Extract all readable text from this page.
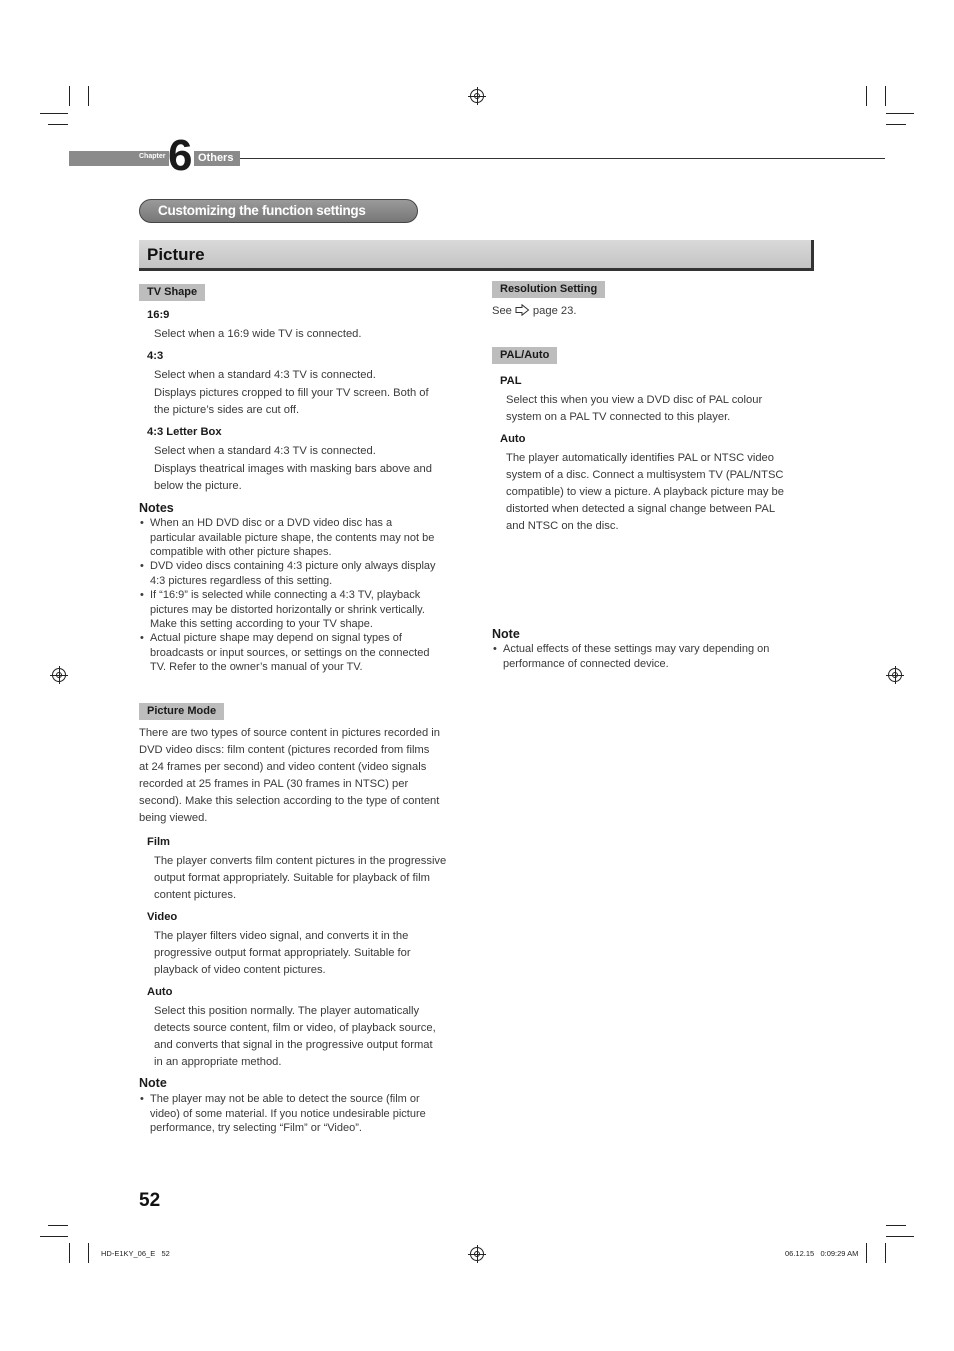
Chapter 6 Others
Customizing the function settings (Continued)
Picture
TV Shape
16:9
Select when a 16:9 wide TV is connected.
4:3
Select when a standard 4:3 TV is connected.
Displays pictures cropped to fill your TV screen. Both of
the picture’s sides are cut off.
4:3 Letter Box
Select when a standard 4:3 TV is connected.
Displays theatrical images with masking bars above and
below the picture.
Notes
• When an HD DVD disc or a DVD video disc has a
particular available picture shape, the contents may not be
compatible with other picture shapes.
• DVD video discs containing 4:3 picture only always display
4:3 pictures regardless of this setting.
• If “16:9” is selected while connecting a 4:3 TV, playback
pictures may be distorted horizontally or shrink vertically.
Make this setting according to your TV shape.
• Actual picture shape may depend on signal types of
broadcasts or input sources, or settings on the connected
TV. Refer to the owner’s manual of your TV.
Picture Mode
There are two types of source content in pictures recorded in
DVD video discs: film content (pictures recorded from films
at 24 frames per second) and video content (video signals
recorded at 25 frames in PAL (30 frames in NTSC) per
second). Make this selection according to the type of content
being viewed.
Film
The player converts film content pictures in the progressive
output format appropriately. Suitable for playback of film
content pictures.
Video
The player filters video signal, and converts it in the
progressive output format appropriately. Suitable for
playback of video content pictures.
Auto
Select this position normally. The player automatically
detects source content, film or video, of playback source,
and converts that signal in the progressive output format
in an appropriate method.
Note
• The player may not be able to detect the source (film or
video) of some material. If you notice undesirable picture
performance, try selecting “Film” or “Video”.
Resolution Setting
See page 23.
PAL/Auto
PAL
Select this when you view a DVD disc of PAL colour
system on a PAL TV connected to this player.
Auto
The player automatically identifies PAL or NTSC video
system of a disc. Connect a multisystem TV (PAL/NTSC
compatible) to view a picture. A playback picture may be
distorted when detected a signal change between PAL
and NTSC on the disc.
Note
• Actual effects of these settings may vary depending on
performance of connected device.
52
HD-E1KY_06_E   52	06.12.15   0:09:29 AM
